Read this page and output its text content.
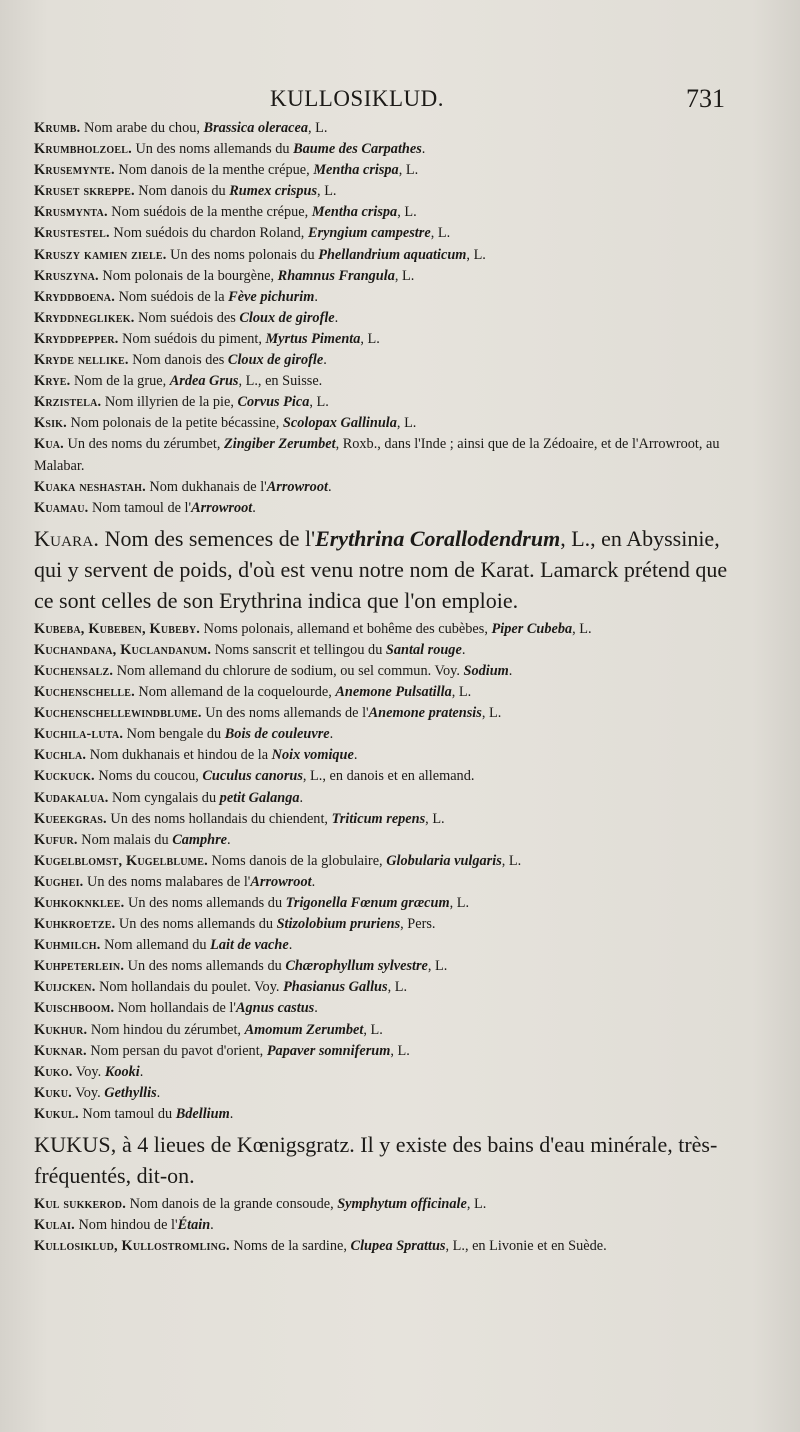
KULLOSIKLUD.	731

Krumb. Nom arabe du chou, Brassica oleracea, L.

Krumbholzoel. Un des noms allemands du Baume des Carpathes.

Krusemynte. Nom danois de la menthe crépue, Mentha crispa, L.

Kruset skreppe. Nom danois du Rumex crispus, L.

Krusmynta. Nom suédois de la menthe crépue, Mentha crispa, L.

Krustestel. Nom suédois du chardon Roland, Eryngium campestre, L.

Kruszy kamien ziele. Un des noms polonais du Phellandrium aquaticum, L.

Kruszyna. Nom polonais de la bourgène, Rhamnus Frangula, L.

Kryddboena. Nom suédois de la Fève pichurim.

Kryddneglikek. Nom suédois des Cloux de girofle.

Kryddpepper. Nom suédois du piment, Myrtus Pimenta, L.

Kryde nellike. Nom danois des Cloux de girofle.

Krye. Nom de la grue, Ardea Grus, L., en Suisse.

Krzistela. Nom illyrien de la pie, Corvus Pica, L.

Ksik. Nom polonais de la petite bécassine, Scolopax Gallinula, L.

Kua. Un des noms du zérumbet, Zingiber Zerumbet, Roxb., dans l'Inde ; ainsi que de la Zédoaire, et de l'Arrowroot, au Malabar.

Kuaka neshastah. Nom dukhanais de l'Arrowroot.

Kuamau. Nom tamoul de l'Arrowroot.

Kuara. Nom des semences de l'Erythrina Corallodendrum, L., en Abyssinie, qui y servent de poids, d'où est venu notre nom de Karat. Lamarck prétend que ce sont celles de son Erythrina indica que l'on emploie.

Kubeba, Kubeben, Kubeby. Noms polonais, allemand et bohême des cubèbes, Piper Cubeba, L.

Kuchandana, Kuclandanum. Noms sanscrit et tellingou du Santal rouge.

Kuchensalz. Nom allemand du chlorure de sodium, ou sel commun. Voy. Sodium.

Kuchenschelle. Nom allemand de la coquelourde, Anemone Pulsatilla, L.

Kuchenschellewindblume. Un des noms allemands de l'Anemone pratensis, L.

Kuchila-luta. Nom bengale du Bois de couleuvre.

Kuchla. Nom dukhanais et hindou de la Noix vomique.

Kuckuck. Noms du coucou, Cuculus canorus, L., en danois et en allemand.

Kudakalua. Nom cyngalais du petit Galanga.

Kueekgras. Un des noms hollandais du chiendent, Triticum repens, L.

Kufur. Nom malais du Camphre.

Kugelblomst, Kugelblume. Noms danois de la globulaire, Globularia vulgaris, L.

Kughei. Un des noms malabares de l'Arrowroot.

Kuhkoknklee. Un des noms allemands du Trigonella Fœnum græcum, L.

Kuhkroetze. Un des noms allemands du Stizolobium pruriens, Pers.

Kuhmilch. Nom allemand du Lait de vache.

Kuhpeterlein. Un des noms allemands du Chærophyllum sylvestre, L.

Kuijcken. Nom hollandais du poulet. Voy. Phasianus Gallus, L.

Kuischboom. Nom hollandais de l'Agnus castus.

Kukhur. Nom hindou du zérumbet, Amomum Zerumbet, L.

Kuknar. Nom persan du pavot d'orient, Papaver somniferum, L.

Kuko. Voy. Kooki.

Kuku. Voy. Gethyllis.

Kukul. Nom tamoul du Bdellium.

KUKUS, à 4 lieues de Kœnigsgratz. Il y existe des bains d'eau minérale, très-fréquentés, dit-on.

Kul sukkerod. Nom danois de la grande consoude, Symphytum officinale, L.

Kulai. Nom hindou de l'Étain.

Kullosiklud, Kullostromling. Noms de la sardine, Clupea Sprattus, L., en Livonie et en Suède.
